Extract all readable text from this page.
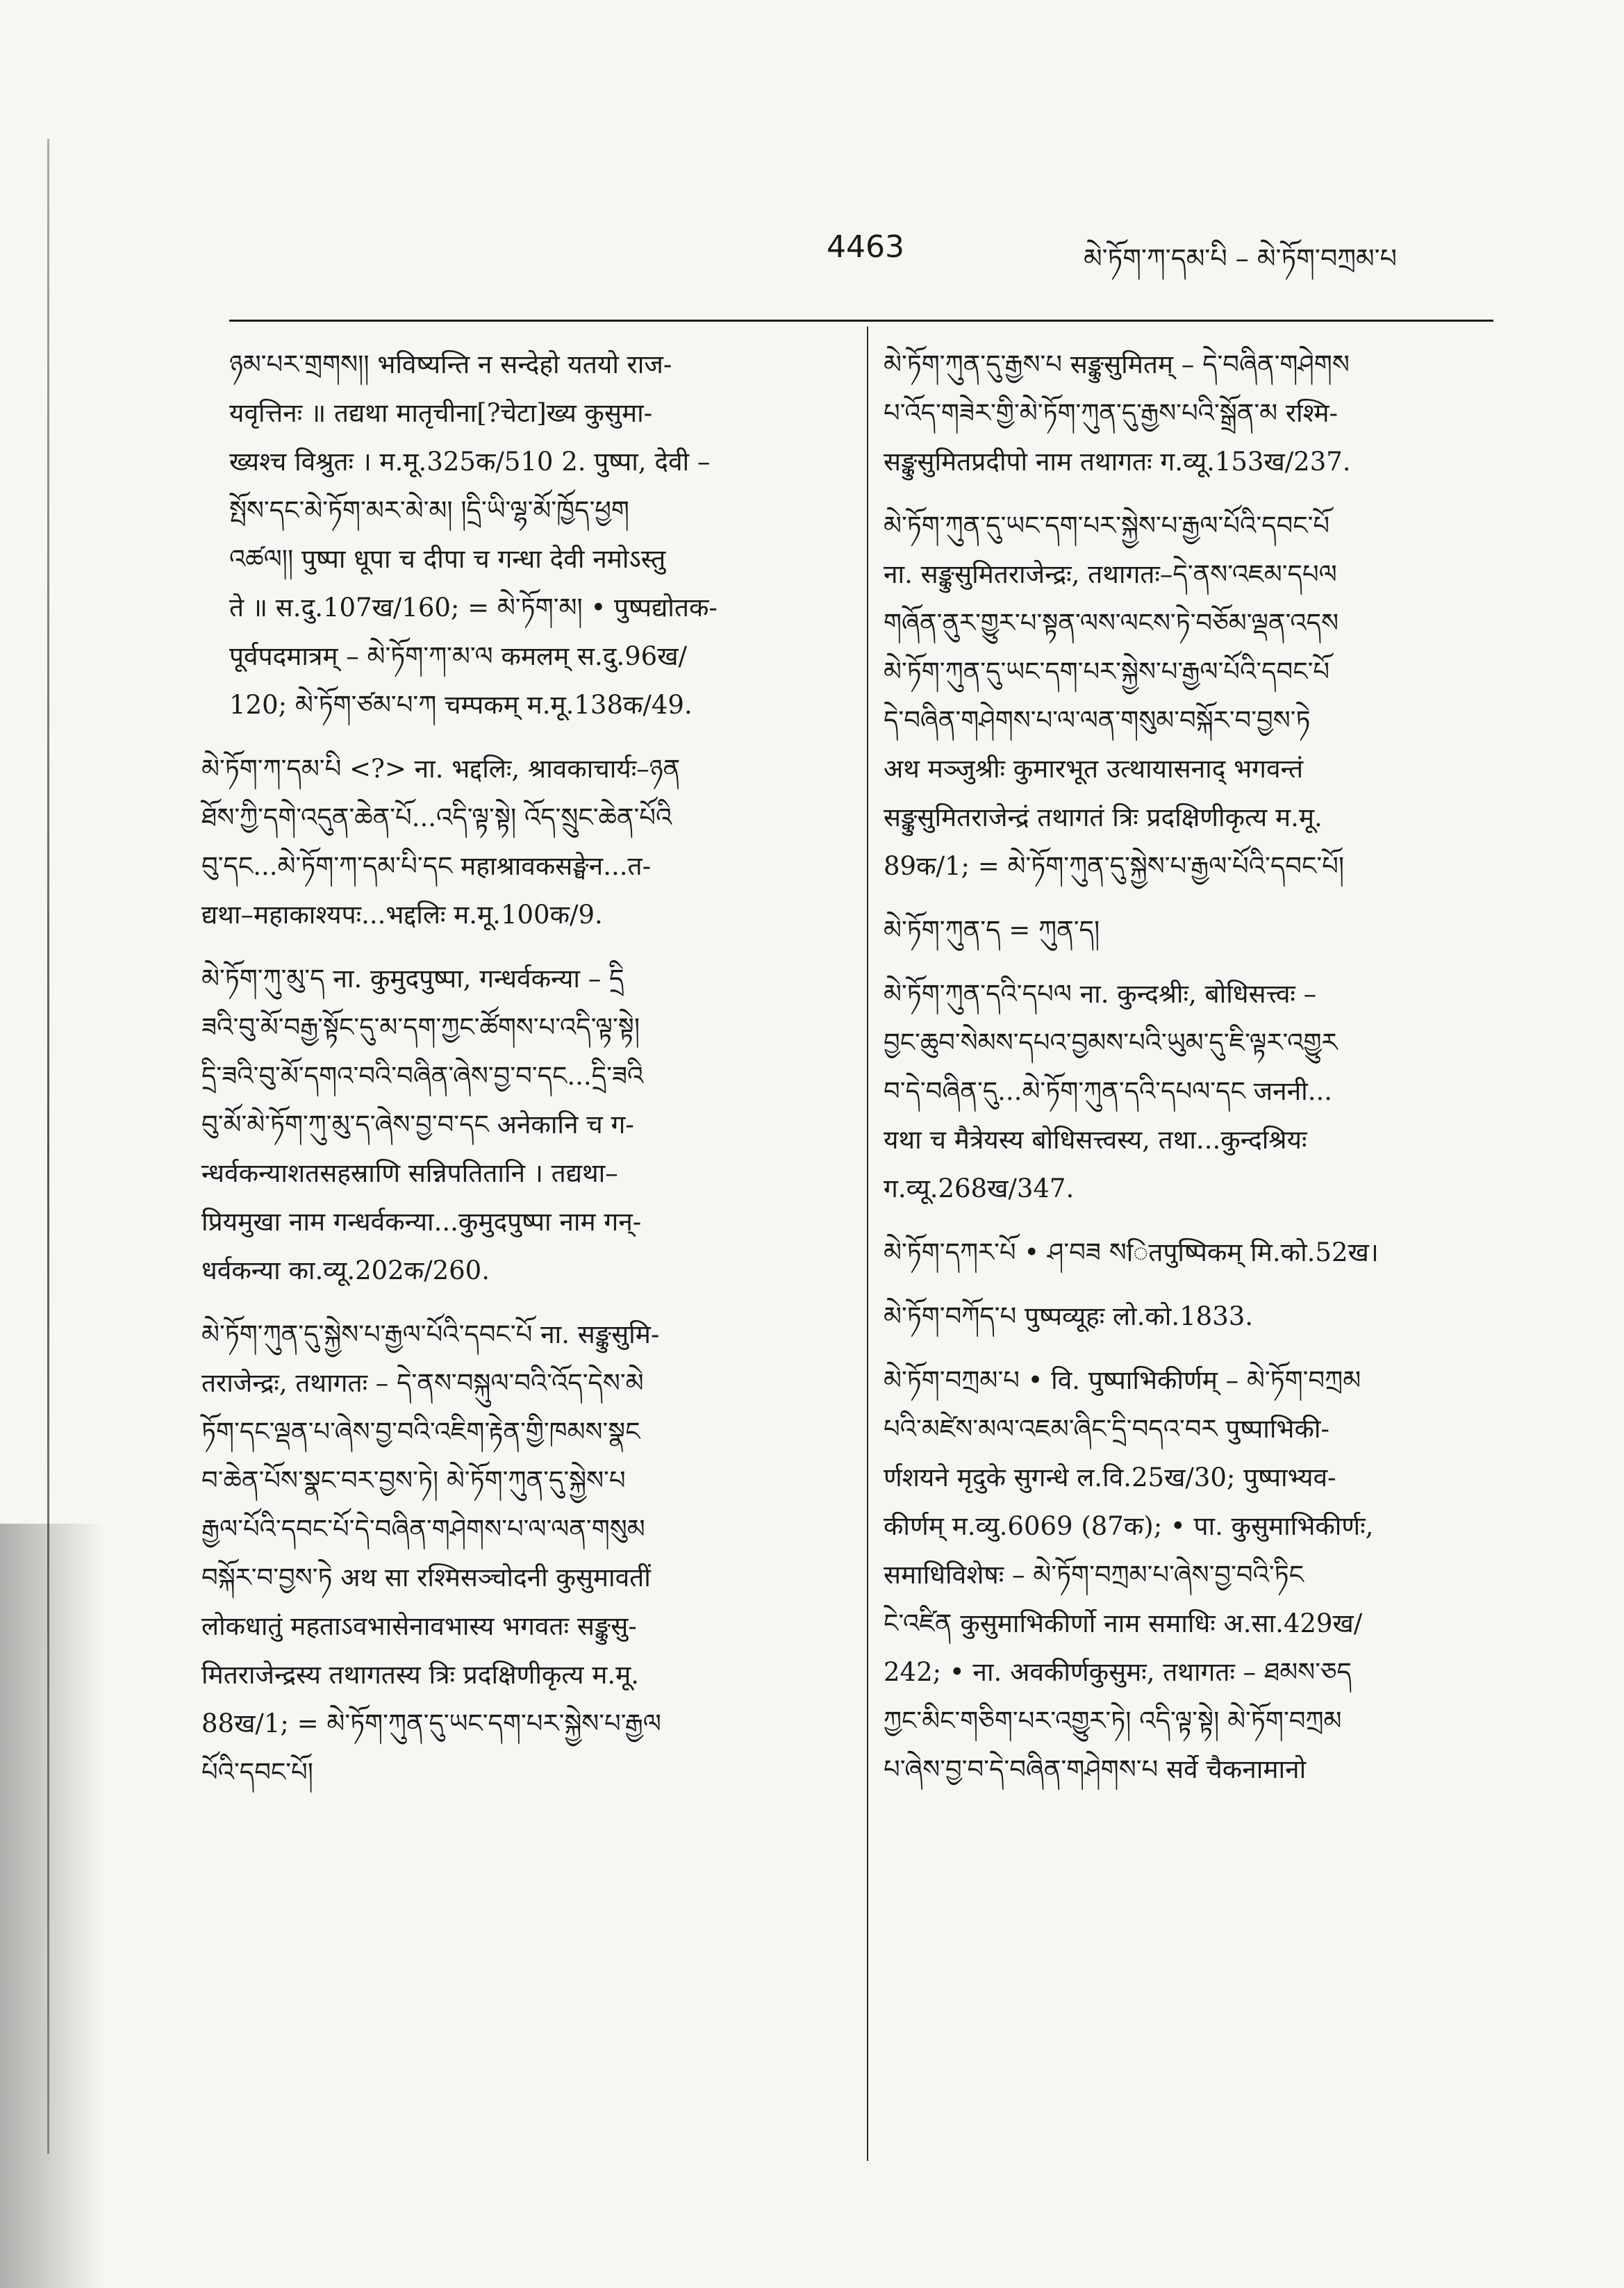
4463	མེ་ཏོག་ཀ་དམ་པི – མེ་ཏོག་བཀྲམ་པ
ཉམ་པར་གྲགས།། भविष्यन्ति न सन्देहो यतयो राज-
यवृत्तिनः ॥ तद्यथा मातृचीना[?चेटा]ख्य कुसुमा-
ख्यश्च विश्रुतः । म.मू.325क/510 2. पुष्पा, देवी –
སྤོས་དང་མེ་ཏོག་མར་མེ་མ། །དྲི་ཡི་ལྷ་མོ་ཁྱོད་ཕྱག
འཚལ།། पुष्पा धूपा च दीपा च गन्धा देवी नमोऽस्तु
ते ॥ स.दु.107ख/160; = མེ་ཏོག་མ། • पुष्पद्योतक-
पूर्वपदमात्रम् – མེ་ཏོག་ཀ་མ་ལ कमलम् स.दु.96ख/
120; མེ་ཏོག་ཙམ་པ་ཀ चम्पकम् म.मू.138क/49.
མེ་ཏོག་ཀ་དམ་པི <?> ना. भद्दलिः, श्रावकाचार्यः–ཉན
ཐོས་ཀྱི་དགེ་འདུན་ཆེན་པོ...འདི་ལྟ་སྟེ། འོད་སྲུང་ཆེན་པོའི
བུ་དང...མེ་ཏོག་ཀ་དམ་པི་དང महाश्रावकसङ्घेन...त-
द्यथा–महाकाश्यपः...भद्दलिः म.मू.100क/9.
མེ་ཏོག་ཀུ་མུ་ད ना. कुमुदपुष्पा, गन्धर्वकन्या – དྲི
ཟའི་བུ་མོ་བརྒྱ་སྟོང་དུ་མ་དག་ཀྱང་ཚོགས་པ་འདི་ལྟ་སྟེ།
དྲི་ཟའི་བུ་མོ་དགའ་བའི་བཞིན་ཞེས་བྱ་བ་དང...དྲི་ཟའི
བུ་མོ་མེ་ཏོག་ཀུ་མུ་ད་ཞེས་བྱ་བ་དང अनेकानि च ग-
न्धर्वकन्याशतसहस्राणि सन्निपतितानि । तद्यथा–
प्रियमुखा नाम गन्धर्वकन्या...कुमुदपुष्पा नाम गन्-
धर्वकन्या का.व्यू.202क/260.
མེ་ཏོག་ཀུན་དུ་སྐྱེས་པ་རྒྱལ་པོའི་དབང་པོ ना. सङ्कुसुमि-
तराजेन्द्रः, तथागतः – དེ་ནས་བསྐུལ་བའི་འོད་དེས་མེ
ཏོག་དང་ལྡན་པ་ཞེས་བྱ་བའི་འཇིག་རྟེན་གྱི་ཁམས་སྣང
བ་ཆེན་པོས་སྣང་བར་བྱས་ཏེ། མེ་ཏོག་ཀུན་དུ་སྐྱེས་པ
རྒྱལ་པོའི་དབང་པོ་དེ་བཞིན་གཤེགས་པ་ལ་ལན་གསུམ
བསྐོར་བ་བྱས་ཏེ अथ सा रश्मिसञ्चोदनी कुसुमावतीं
लोकधातुं महताऽवभासेनावभास्य भगवतः सङ्कुसु-
मितराजेन्द्रस्य तथागतस्य त्रिः प्रदक्षिणीकृत्य म.मू.
88ख/1; = མེ་ཏོག་ཀུན་དུ་ཡང་དག་པར་སྐྱེས་པ་རྒྱལ
པོའི་དབང་པོ།
མེ་ཏོག་ཀུན་དུ་རྒྱས་པ सङ्कुसुमितम् – དེ་བཞིན་གཤེགས
པ་འོད་གཟེར་གྱི་མེ་ཏོག་ཀུན་དུ་རྒྱས་པའི་སྒྲོན་མ रश्मि-
सङ्कुसुमितप्रदीपो नाम तथागतः ग.व्यू.153ख/237.
མེ་ཏོག་ཀུན་དུ་ཡང་དག་པར་སྐྱེས་པ་རྒྱལ་པོའི་དབང་པོ
ना. सङ्कुसुमितराजेन्द्रः, तथागतः–དེ་ནས་འཇམ་དཔལ
གཞོན་ནུར་གྱུར་པ་སྟན་ལས་ལངས་ཏེ་བཅོམ་ལྡན་འདས
མེ་ཏོག་ཀུན་དུ་ཡང་དག་པར་སྐྱེས་པ་རྒྱལ་པོའི་དབང་པོ
དེ་བཞིན་གཤེགས་པ་ལ་ལན་གསུམ་བསྐོར་བ་བྱས་ཏེ
अथ मञ्जुश्रीः कुमारभूत उत्थायासनाद् भगवन्तं
सङ्कुसुमितराजेन्द्रं तथागतं त्रिः प्रदक्षिणीकृत्य म.मू.
89क/1; = མེ་ཏོག་ཀུན་དུ་སྐྱེས་པ་རྒྱལ་པོའི་དབང་པོ།
མེ་ཏོག་ཀུན་ད = ཀུན་ད།
མེ་ཏོག་ཀུན་དའི་དཔལ ना. कुन्दश्रीः, बोधिसत्त्वः –
བྱང་ཆུབ་སེམས་དཔའ་བྱམས་པའི་ཡུམ་དུ་ཇི་ལྟར་འགྱུར
བ་དེ་བཞིན་དུ...མེ་ཏོག་ཀུན་དའི་དཔལ་དང जननी...
यथा च मैत्रेयस्य बोधिसत्त्वस्य, तथा...कुन्दश्रियः
ग.व्यू.268ख/347.
མེ་ཏོག་དཀར་པོ • ཤ་བཟ སितपुष्पिकम् मि.को.52ख।
མེ་ཏོག་བཀོད་པ पुष्पव्यूहः लो.को.1833.
མེ་ཏོག་བཀྲམ་པ • वि. पुष्पाभिकीर्णम् – མེ་ཏོག་བཀྲམ
པའི་མཛེས་མལ་འཇམ་ཞིང་དྲི་བདའ་བར पुष्पाभिकी-
र्णशयने मृदुके सुगन्धे ल.वि.25ख/30; पुष्पाभ्यव-
कीर्णम् म.व्यु.6069 (87क); • पा. कुसुमाभिकीर्णः,
समाधिविशेषः – མེ་ཏོག་བཀྲམ་པ་ཞེས་བྱ་བའི་ཏིང
ངེ་འཛིན कुसुमाभिकीर्णो नाम समाधिः अ.सा.429ख/
242; • ना. अवकीर्णकुसुमः, तथागतः – ཐམས་ཅད
ཀྱང་མིང་གཅིག་པར་འགྱུར་ཏེ། འདི་ལྟ་སྟེ། མེ་ཏོག་བཀྲམ
པ་ཞེས་བྱ་བ་དེ་བཞིན་གཤེགས་པ सर्वे चैकनामानो
